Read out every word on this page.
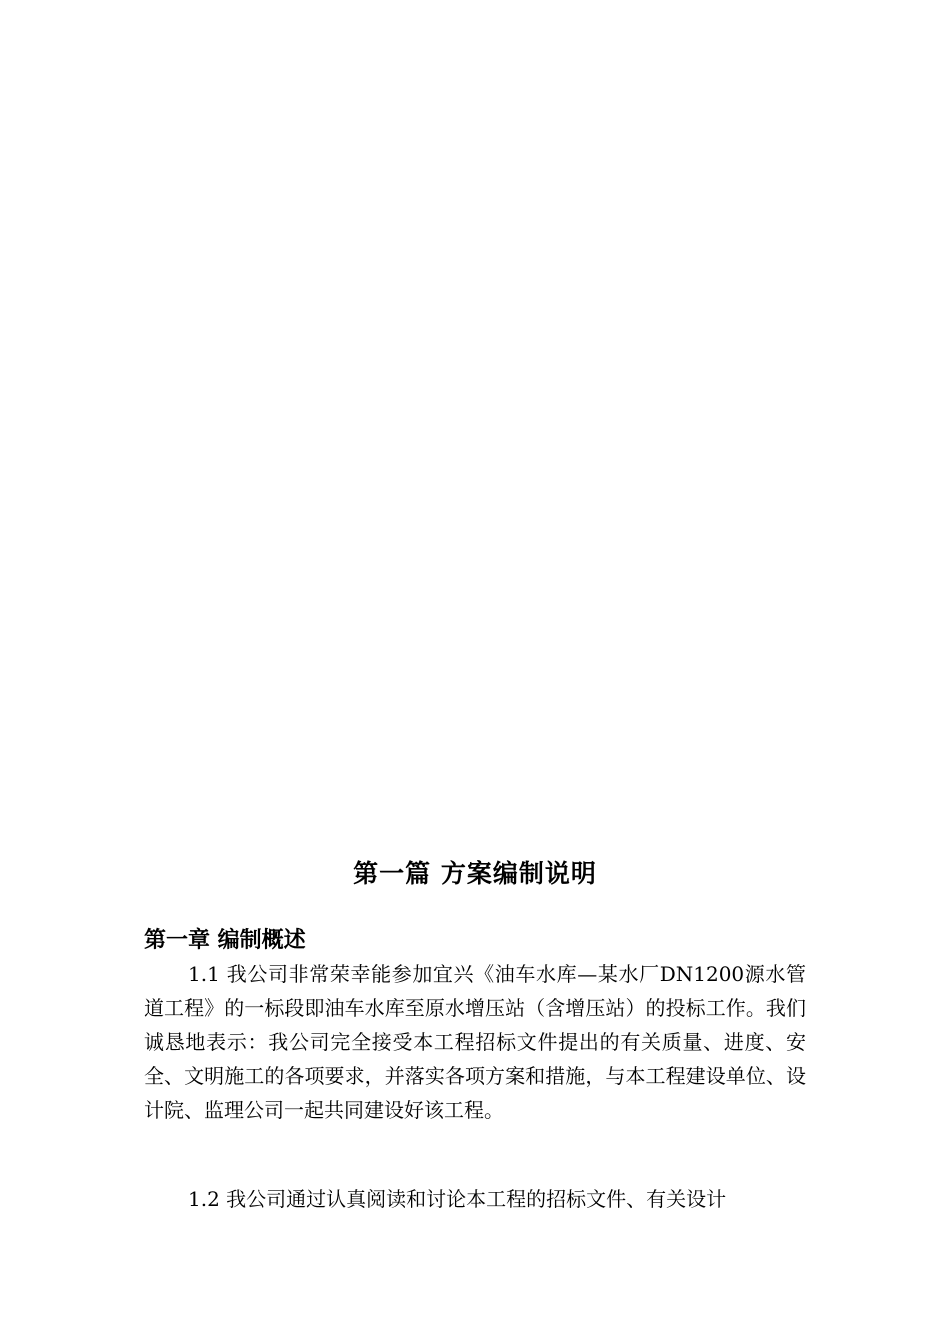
第一篇 方案编制说明
第一章 编制概述

1.1 我公司非常荣幸能参加宜兴《油车水库—某水厂DN1200源水管道工程》的一标段即油车水库至原水增压站（含增压站）的投标工作。我们诚恳地表示：我公司完全接受本工程招标文件提出的有关质量、进度、安全、文明施工的各项要求，并落实各项方案和措施，与本工程建设单位、设计院、监理公司一起共同建设好该工程。

1.2 我公司通过认真阅读和讨论本工程的招标文件、有关设计
